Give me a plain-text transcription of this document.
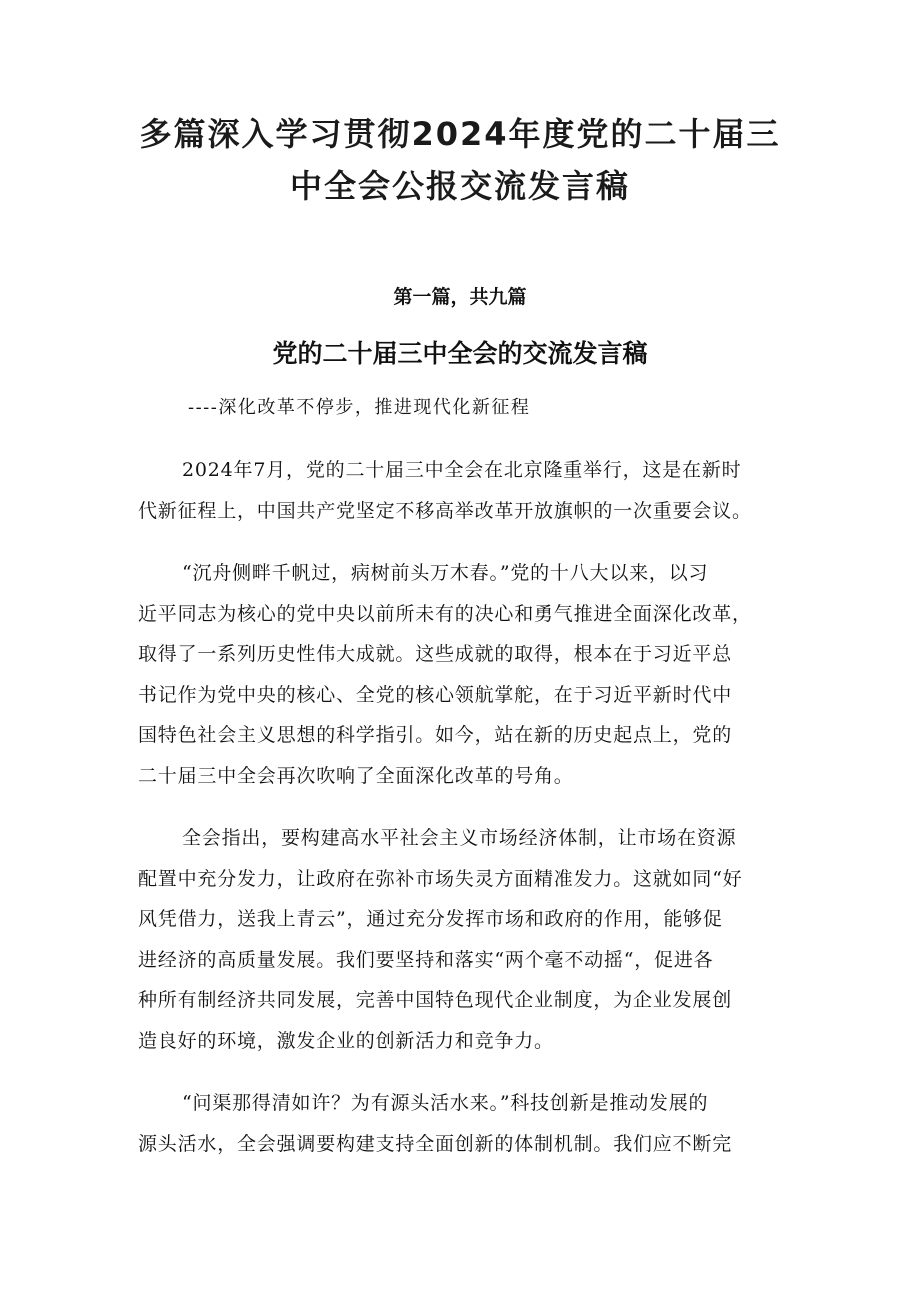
多篇深入学习贯彻2024年度党的二十届三
中全会公报交流发言稿

第一篇，共九篇

党的二十届三中全会的交流发言稿

----深化改革不停步，推进现代化新征程

2024年7月，党的二十届三中全会在北京隆重举行，这是在新时
代新征程上，中国共产党坚定不移高举改革开放旗帜的一次重要会议。

“沉舟侧畔千帆过，病树前头万木春。”党的十八大以来，以习
近平同志为核心的党中央以前所未有的决心和勇气推进全面深化改革，
取得了一系列历史性伟大成就。这些成就的取得，根本在于习近平总
书记作为党中央的核心、全党的核心领航掌舵，在于习近平新时代中
国特色社会主义思想的科学指引。如今，站在新的历史起点上，党的
二十届三中全会再次吹响了全面深化改革的号角。

全会指出，要构建高水平社会主义市场经济体制，让市场在资源
配置中充分发力，让政府在弥补市场失灵方面精准发力。这就如同“好
风凭借力，送我上青云”，通过充分发挥市场和政府的作用，能够促
进经济的高质量发展。我们要坚持和落实“两个毫不动摇“，促进各
种所有制经济共同发展，完善中国特色现代企业制度，为企业发展创
造良好的环境，激发企业的创新活力和竞争力。

“问渠那得清如许？为有源头活水来。”科技创新是推动发展的
源头活水，全会强调要构建支持全面创新的体制机制。我们应不断完
